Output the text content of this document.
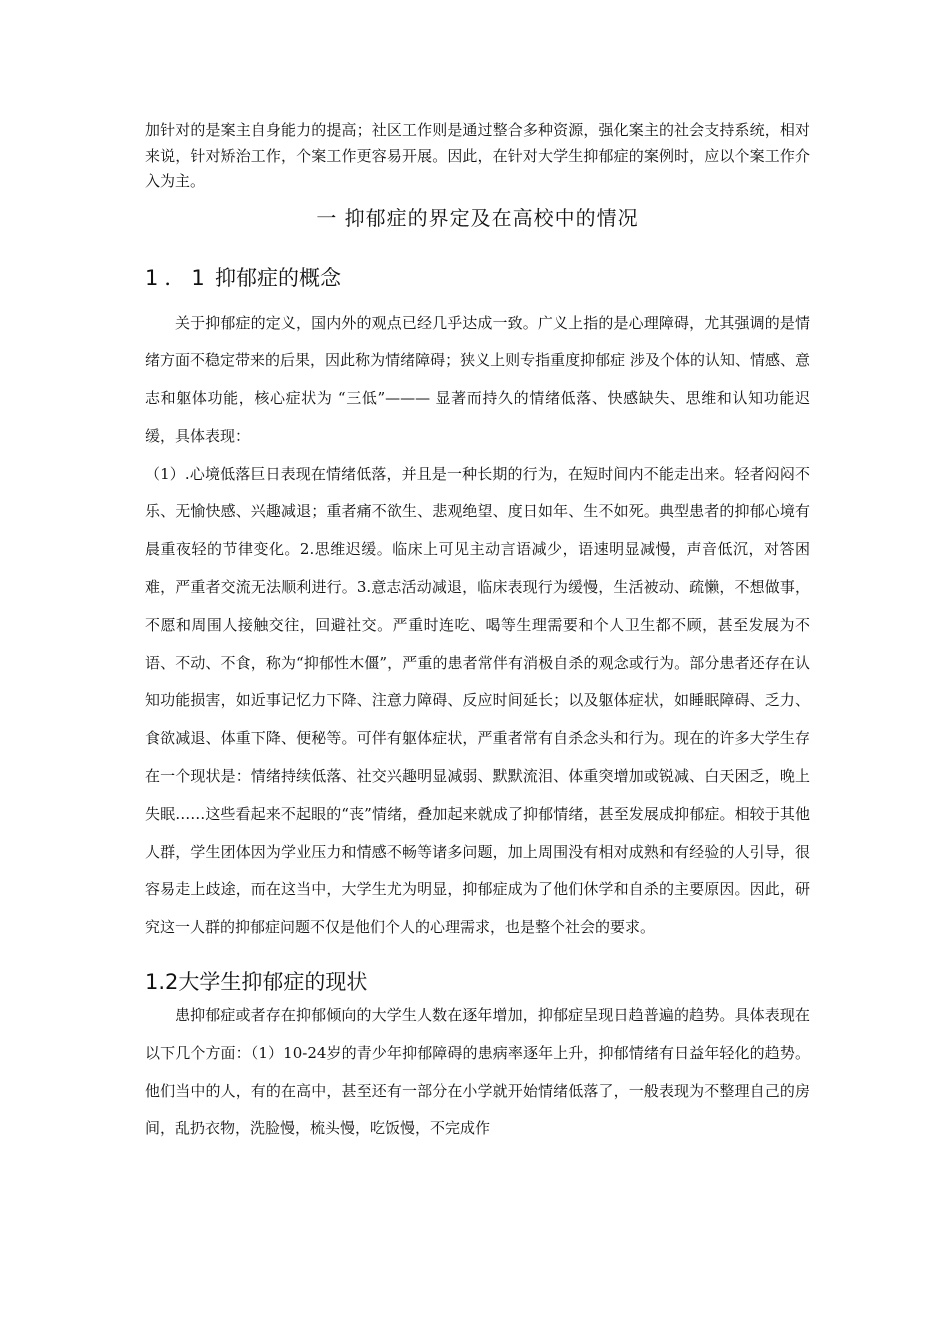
加针对的是案主自身能力的提高；社区工作则是通过整合多种资源，强化案主的社会支持系统，相对来说，针对矫治工作，个案工作更容易开展。因此，在针对大学生抑郁症的案例时，应以个案工作介入为主。

一 抑郁症的界定及在高校中的情况
1．1 抑郁症的概念

关于抑郁症的定义，国内外的观点已经几乎达成一致。广义上指的是心理障碍，尤其强调的是情绪方面不稳定带来的后果，因此称为情绪障碍；狭义上则专指重度抑郁症 涉及个体的认知、情感、意志和躯体功能，核心症状为 “三低”——— 显著而持久的情绪低落、快感缺失、思维和认知功能迟缓，具体表现：

（1）.心境低落巨日表现在情绪低落，并且是一种长期的行为，在短时间内不能走出来。轻者闷闷不乐、无愉快感、兴趣减退；重者痛不欲生、悲观绝望、度日如年、生不如死。典型患者的抑郁心境有晨重夜轻的节律变化。2.思维迟缓。临床上可见主动言语减少，语速明显减慢，声音低沉，对答困难，严重者交流无法顺利进行。3.意志活动减退，临床表现行为缓慢，生活被动、疏懒，不想做事，不愿和周围人接触交往，回避社交。严重时连吃、喝等生理需要和个人卫生都不顾，甚至发展为不语、不动、不食，称为“抑郁性木僵”，严重的患者常伴有消极自杀的观念或行为。部分患者还存在认知功能损害，如近事记忆力下降、注意力障碍、反应时间延长；以及躯体症状，如睡眠障碍、乏力、食欲减退、体重下降、便秘等。可伴有躯体症状，严重者常有自杀念头和行为。现在的许多大学生存在一个现状是：情绪持续低落、社交兴趣明显减弱、默默流泪、体重突增加或锐减、白天困乏，晚上失眠……这些看起来不起眼的“丧”情绪，叠加起来就成了抑郁情绪，甚至发展成抑郁症。相较于其他人群，学生团体因为学业压力和情感不畅等诸多问题，加上周围没有相对成熟和有经验的人引导，很容易走上歧途，而在这当中，大学生尤为明显，抑郁症成为了他们休学和自杀的主要原因。因此，研究这一人群的抑郁症问题不仅是他们个人的心理需求，也是整个社会的要求。

1.2大学生抑郁症的现状

患抑郁症或者存在抑郁倾向的大学生人数在逐年增加，抑郁症呈现日趋普遍的趋势。具体表现在以下几个方面：（1）10-24岁的青少年抑郁障碍的患病率逐年上升，抑郁情绪有日益年轻化的趋势。他们当中的人，有的在高中，甚至还有一部分在小学就开始情绪低落了，一般表现为不整理自己的房间，乱扔衣物，洗脸慢，梳头慢，吃饭慢，不完成作
